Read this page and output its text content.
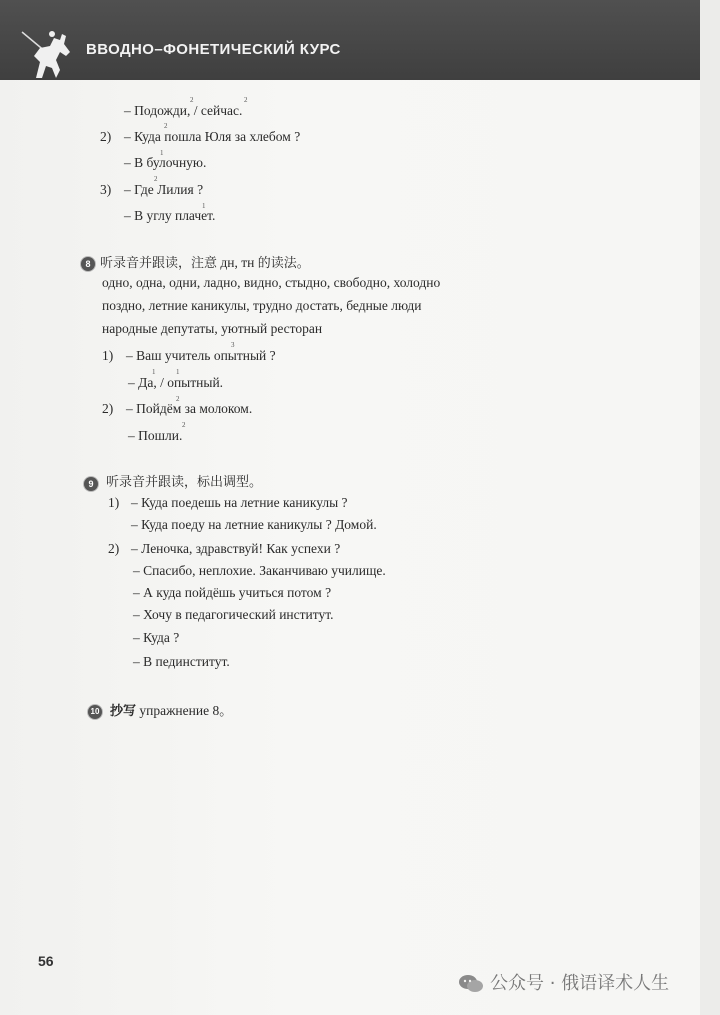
ВВОДНО–ФОНЕТИЧЕСКИЙ КУРС
2	2
– Подожди, / сейчас.
2
2) – Куда пошла Юля за хлебом ?
1
– В булочную.
2
3) – Где Лилия ?
1
– В углу плачет.
8 听录音并跟读，注意 дн, тн 的读法。
одно, одна, одни, ладно, видно, стыдно, свободно, холодно
поздно, летние каникулы, трудно достать, бедные люди
народные депутаты, уютный ресторан
3
1) – Ваш учитель опытный ?
1	1
– Да, / опытный.
2
2) – Пойдём за молоком.
2
– Пошли.
9 听录音并跟读，标出调型。
1) – Куда поедешь на летние каникулы ?
– Куда поеду на летние каникулы ? Домой.
2) – Леночка, здравствуй! Как успехи ?
– Спасибо, неплохие. Заканчиваю училище.
– А куда пойдёшь учиться потом ?
– Хочу в педагогический институт.
– Куда ?
– В пединститут.
10 抄写 упражнение 8。
56
公众号 · 俄语译术人生
